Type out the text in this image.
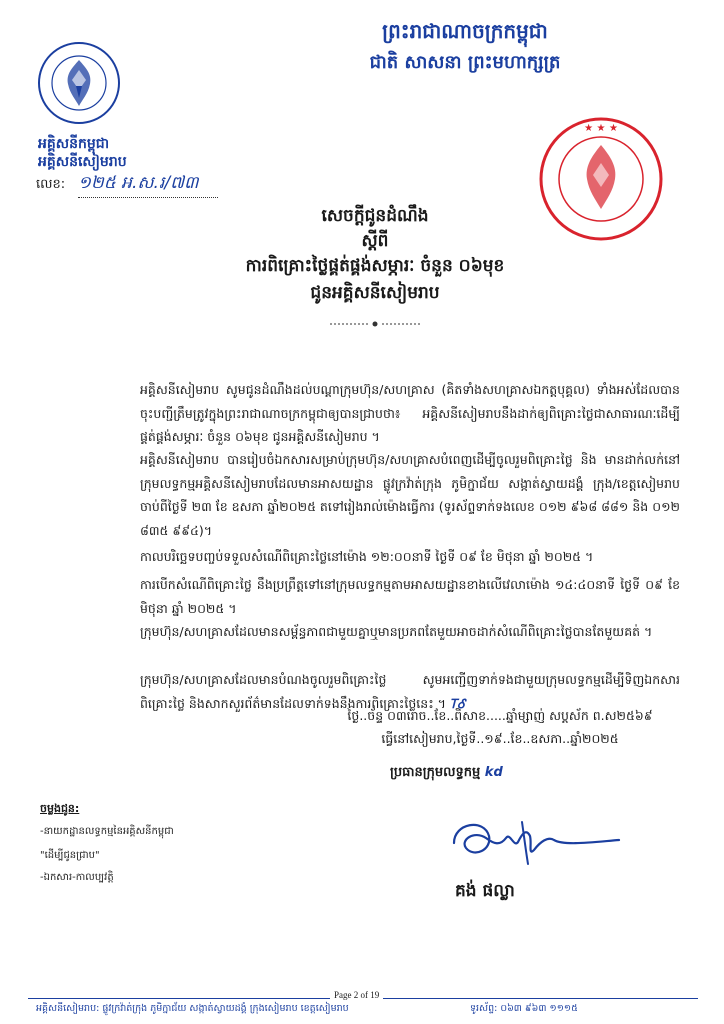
ព្រះរាជាណាចក្រកម្ពុជា
ជាតិ សាសនា ព្រះមហាក្សត្រ
អគ្គិសនីកម្ពុជា
អគ្គិសនីសៀមរាប
លេខ: ១២៥ អ.ស.រ/៧៣
★ ★ ★
សេចក្តីជូនដំណឹង
ស្តីពី
ការពិគ្រោះថ្លៃផ្គត់ផ្គង់សម្ភារៈ ចំនួន ០៦មុខ
ជូនអគ្គិសនីសៀមរាប
អគ្គិសនីសៀមរាប សូមជូនដំណឹងដល់បណ្តាក្រុមហ៊ុន/សហគ្រាស (គិតទាំងសហគ្រាសឯកត្តបុគ្គល) ទាំងអស់ដែលបានចុះបញ្ជីត្រឹមត្រូវក្នុងព្រះរាជាណាចក្រកម្ពុជាឲ្យបានជ្រាបថា៖ អគ្គិសនីសៀមរាបនឹងដាក់ឲ្យពិគ្រោះថ្លៃជាសាធារណៈដើម្បីផ្គត់ផ្គង់សម្ភារៈ ចំនួន ០៦មុខ ជូនអគ្គិសនីសៀមរាប ។
អគ្គិសនីសៀមរាប បានរៀបចំឯកសារសម្រាប់ក្រុមហ៊ុន/សហគ្រាសបំពេញដើម្បីចូលរួមពិគ្រោះថ្លៃ និង មានដាក់លក់នៅក្រុមលទ្ធកម្មអគ្គិសនីសៀមរាបដែលមានអាសយដ្ឋាន ផ្លូវក្រវ៉ាត់ក្រុង ភូមិក្នាជ័យ សង្កាត់ស្វាយដង្គំ ក្រុង/ខេត្តសៀមរាប ចាប់ពីថ្ងៃទី ២៣ ខែ ឧសភា ឆ្នាំ២០២៥ តទៅរៀងរាល់ម៉ោងធ្វើការ (ទូរស័ព្ទទាក់ទងលេខ ០១២ ៩៦៨ ៨៨១ និង ០១២ ៨៣៥ ៩៩៤)។
កាលបរិច្ឆេទបញ្ចប់ទទួលសំណើពិគ្រោះថ្លៃនៅម៉ោង ១២:០០នាទី ថ្ងៃទី ០៩ ខែ មិថុនា ឆ្នាំ ២០២៥ ។
ការបើកសំណើពិគ្រោះថ្លៃ នឹងប្រព្រឹត្តទៅនៅក្រុមលទ្ធកម្មតាមអាសយដ្ឋានខាងលើវេលាម៉ោង ១៤:៤០នាទី ថ្ងៃទី ០៩ ខែ មិថុនា ឆ្នាំ ២០២៥ ។
ក្រុមហ៊ុន/សហគ្រាសដែលមានសម្ព័ន្ធភាពជាមួយគ្នាឬមានប្រភពតែមួយអាចដាក់សំណើពិគ្រោះថ្លៃបានតែមួយគត់ ។
ក្រុមហ៊ុន/សហគ្រាសដែលមានបំណងចូលរួមពិគ្រោះថ្លៃ សូមអញ្ជើញទាក់ទងជាមួយក្រុមលទ្ធកម្មដើម្បីទិញឯកសារពិគ្រោះថ្លៃ និងសាកសួរព័ត៌មានដែលទាក់ទងនឹងការពិគ្រោះថ្លៃនេះ ។ ᎢᎴ
ថ្ងៃ..ច័ន្ទ ០៣រោច..ខែ..ពិសាខ.....ឆ្នាំម្សាញ់ សប្តស័ក ព.ស២៥៦៩
ធ្វើនៅសៀមរាប,ថ្ងៃទី..១៩..ខែ..ឧសភា..ឆ្នាំ២០២៥
ប្រធានក្រុមលទ្ធកម្ម kd
គង់ ផល្លា
ចម្លងជូន:
-នាយកដ្ឋានលទ្ធកម្មនៃអគ្គិសនីកម្ពុជា
"ដើម្បីជូនជ្រាប"
-ឯកសារ-កាលប្បវត្តិ
Page 2 of 19
អគ្គិសនីសៀមរាប: ផ្លូវក្រវ៉ាត់ក្រុង ភូមិក្នាជ័យ សង្កាត់ស្វាយដង្គំ ក្រុងសៀមរាប ខេត្តសៀមរាប	ទូរស័ព្ទ: ០៦៣ ៩៦៣ ១១១៥
